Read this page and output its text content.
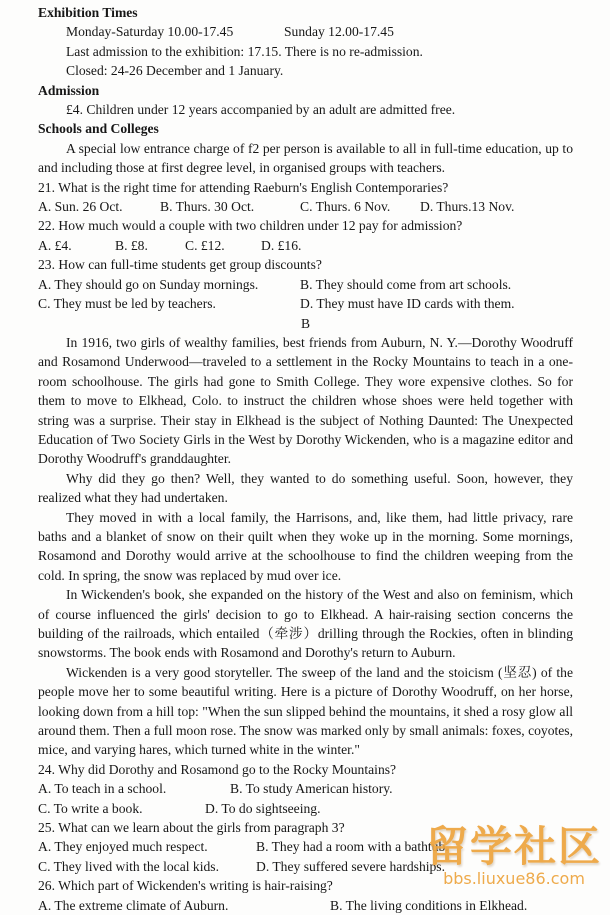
Exhibition Times
Monday-Saturday 10.00-17.45	Sunday 12.00-17.45
Last admission to the exhibition: 17.15. There is no re-admission.
Closed: 24-26 December and 1 January.
Admission
£4. Children under 12 years accompanied by an adult are admitted free.
Schools and Colleges

A special low entrance charge of f2 per person is available to all in full-time education, up to and including those at first degree level, in organised groups with teachers.

21. What is the right time for attending Raeburn's English Contemporaries?
A. Sun. 26 Oct.	B. Thurs. 30 Oct.	C. Thurs. 6 Nov.	D. Thurs.13 Nov.
22. How much would a couple with two children under 12 pay for admission?
A. £4.	B. £8.	C. £12.	D. £16.
23. How can full-time students get group discounts?
A. They should go on Sunday mornings.	B. They should come from art schools.
C. They must be led by teachers.	D. They must have ID cards with them.
B

In 1916, two girls of wealthy families, best friends from Auburn, N. Y.—Dorothy Woodruff and Rosamond Underwood—traveled to a settlement in the Rocky Mountains to teach in a one-room schoolhouse. The girls had gone to Smith College. They wore expensive clothes. So for them to move to Elkhead, Colo. to instruct the children whose shoes were held together with string was a surprise. Their stay in Elkhead is the subject of Nothing Daunted: The Unexpected Education of Two Society Girls in the West by Dorothy Wickenden, who is a magazine editor and Dorothy Woodruff's granddaughter.

Why did they go then? Well, they wanted to do something useful. Soon, however, they realized what they had undertaken.

They moved in with a local family, the Harrisons, and, like them, had little privacy, rare baths and a blanket of snow on their quilt when they woke up in the morning. Some mornings, Rosamond and Dorothy would arrive at the schoolhouse to find the children weeping from the cold. In spring, the snow was replaced by mud over ice.

In Wickenden's book, she expanded on the history of the West and also on feminism, which of course influenced the girls' decision to go to Elkhead. A hair-raising section concerns the building of the railroads, which entailed（牵涉）drilling through the Rockies, often in blinding snowstorms. The book ends with Rosamond and Dorothy's return to Auburn.

Wickenden is a very good storyteller. The sweep of the land and the stoicism (坚忍) of the people move her to some beautiful writing. Here is a picture of Dorothy Woodruff, on her horse, looking down from a hill top: "When the sun slipped behind the mountains, it shed a rosy glow all around them. Then a full moon rose. The snow was marked only by small animals: foxes, coyotes, mice, and varying hares, which turned white in the winter."

24. Why did Dorothy and Rosamond go to the Rocky Mountains?
A. To teach in a school.	B. To study American history.
C. To write a book.	D. To do sightseeing.
25. What can we learn about the girls from paragraph 3?
A. They enjoyed much respect.	B. They had a room with a bathtub.
C. They lived with the local kids.	D. They suffered severe hardships.
26. Which part of Wickenden's writing is hair-raising?
A. The extreme climate of Auburn.	B. The living conditions in Elkhead.
留学社区
bbs.liuxue86.com
